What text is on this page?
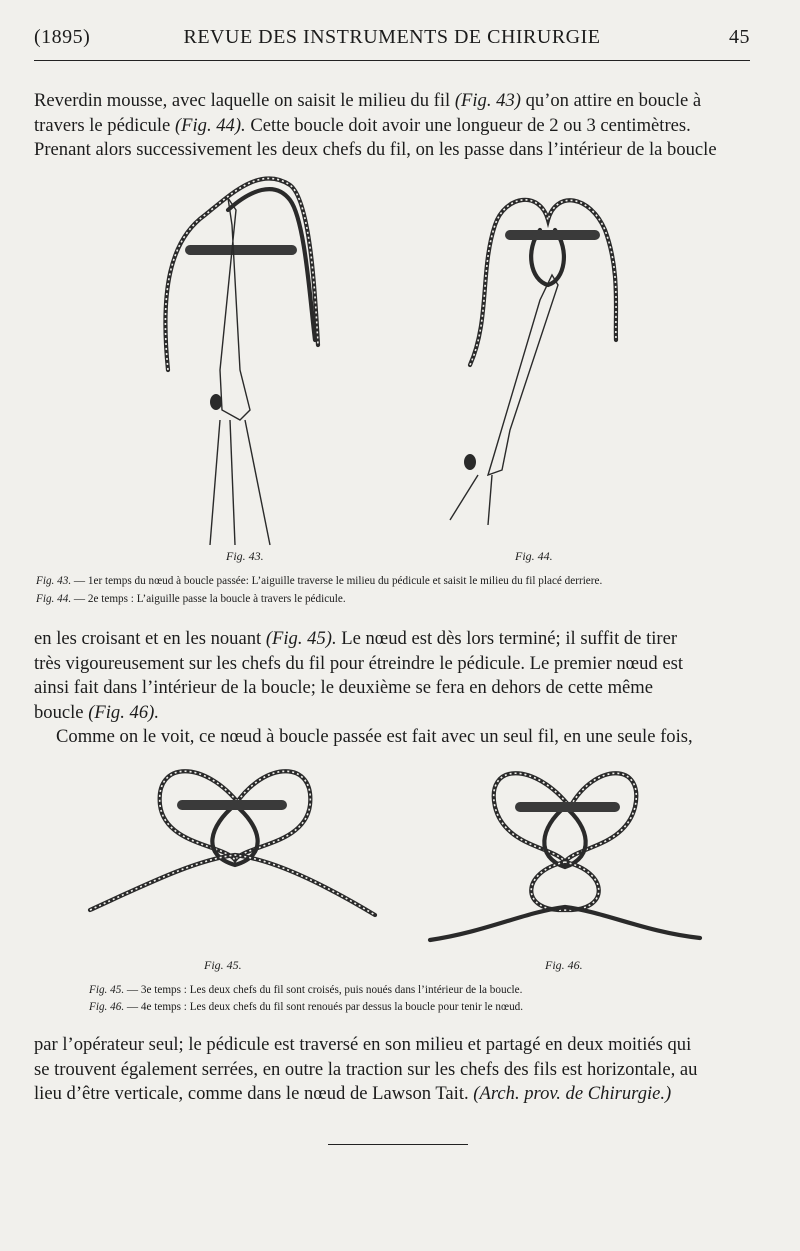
(1895)	REVUE DES INSTRUMENTS DE CHIRURGIE	45
Reverdin mousse, avec laquelle on saisit le milieu du fil (Fig. 43) qu’on attire en boucle à
travers le pédicule (Fig. 44). Cette boucle doit avoir une longueur de 2 ou 3 centimètres.
Prenant alors successivement les deux chefs du fil, on les passe dans l’intérieur de la boucle
Fig. 43.	Fig. 44.
Fig. 43. — 1er temps du nœud à boucle passée: L’aiguille traverse le milieu du pédicule et saisit le milieu du fil placé derriere.
Fig. 44. — 2e temps : L’aiguille passe la boucle à travers le pédicule.
en les croisant et en les nouant (Fig. 45). Le nœud est dès lors terminé; il suffit de tirer
très vigoureusement sur les chefs du fil pour étreindre le pédicule. Le premier nœud est
ainsi fait dans l’intérieur de la boucle; le deuxième se fera en dehors de cette même
boucle (Fig. 46).
Comme on le voit, ce nœud à boucle passée est fait avec un seul fil, en une seule fois,
Fig. 45.	Fig. 46.
Fig. 45. — 3e temps : Les deux chefs du fil sont croisés, puis noués dans l’intérieur de la boucle.
Fig. 46. — 4e temps : Les deux chefs du fil sont renoués par dessus la boucle pour tenir le nœud.
par l’opérateur seul; le pédicule est traversé en son milieu et partagé en deux moitiés qui
se trouvent également serrées, en outre la traction sur les chefs des fils est horizontale, au
lieu d’être verticale, comme dans le nœud de Lawson Tait. (Arch. prov. de Chirurgie.)
